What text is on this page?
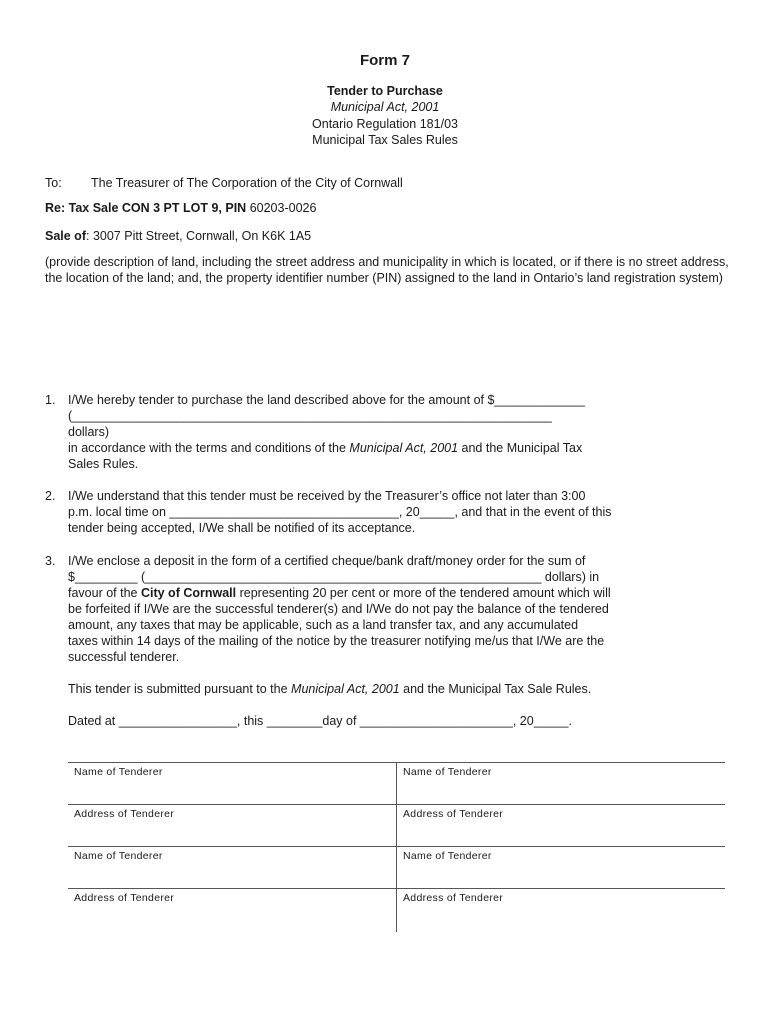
Form 7
Tender to Purchase
Municipal Act, 2001
Ontario Regulation 181/03
Municipal Tax Sales Rules
To: The Treasurer of The Corporation of the City of Cornwall
Re: Tax Sale CON 3 PT LOT 9, PIN 60203-0026
Sale of: 3007 Pitt Street, Cornwall, On K6K 1A5
(provide description of land, including the street address and municipality in which is located, or if there is no street address, the location of the land; and, the property identifier number (PIN) assigned to the land in Ontario’s land registration system)
1. I/We hereby tender to purchase the land described above for the amount of $_____________
(_____________________________________________________________________
dollars)
in accordance with the terms and conditions of the Municipal Act, 2001 and the Municipal Tax
Sales Rules.
2. I/We understand that this tender must be received by the Treasurer’s office not later than 3:00
p.m. local time on _________________________________, 20_____, and that in the event of this
tender being accepted, I/We shall be notified of its acceptance.
3. I/We enclose a deposit in the form of a certified cheque/bank draft/money order for the sum of
$_________ (_________________________________________________________ dollars) in
favour of the City of Cornwall representing 20 per cent or more of the tendered amount which will
be forfeited if I/We are the successful tenderer(s) and I/We do not pay the balance of the tendered
amount, any taxes that may be applicable, such as a land transfer tax, and any accumulated
taxes within 14 days of the mailing of the notice by the treasurer notifying me/us that I/We are the
successful tenderer.
This tender is submitted pursuant to the Municipal Act, 2001 and the Municipal Tax Sale Rules.
Dated at _________________, this ________day of ______________________, 20_____.
Name of Tenderer	Name of Tenderer
Address of Tenderer	Address of Tenderer
Name of Tenderer	Name of Tenderer
Address of Tenderer	Address of Tenderer
